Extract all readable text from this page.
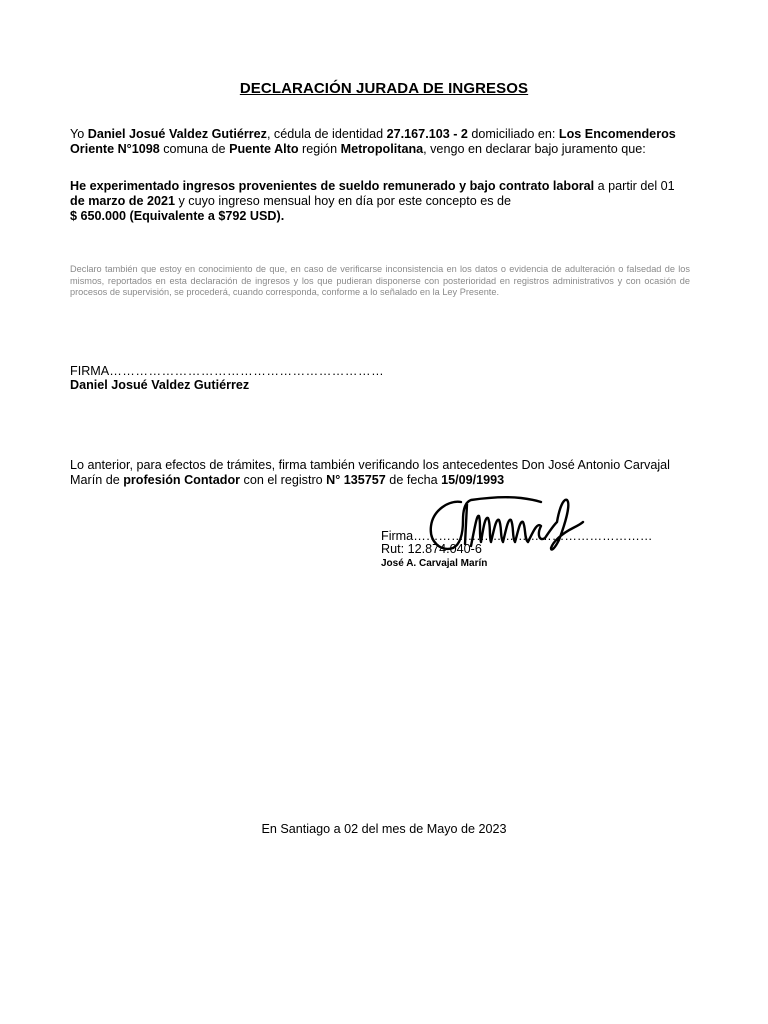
DECLARACIÓN JURADA DE INGRESOS
Yo Daniel Josué Valdez Gutiérrez, cédula de identidad 27.167.103 - 2 domiciliado en: Los Encomenderos Oriente N°1098 comuna de Puente Alto región Metropolitana, vengo en declarar bajo juramento que:
He experimentado ingresos provenientes de sueldo remunerado y bajo contrato laboral a partir del 01 de marzo de 2021 y cuyo ingreso mensual hoy en día por este concepto es de
$ 650.000 (Equivalente a $792 USD).
Declaro también que estoy en conocimiento de que, en caso de verificarse inconsistencia en los datos o evidencia de adulteración o falsedad de los mismos, reportados en esta declaración de ingresos y los que pudieran disponerse con posterioridad en registros administrativos y con ocasión de procesos de supervisión, se procederá, cuando corresponda, conforme a lo señalado en la Ley Presente.
FIRMA………………………………………………………
Daniel Josué Valdez Gutiérrez
Lo anterior, para efectos de trámites, firma también verificando los antecedentes Don José Antonio Carvajal Marín de profesión Contador con el registro N° 135757 de fecha 15/09/1993
Firma…………………………………………………
Rut: 12.874.040-6
José A. Carvajal Marín
En Santiago a 02 del mes de Mayo de 2023
